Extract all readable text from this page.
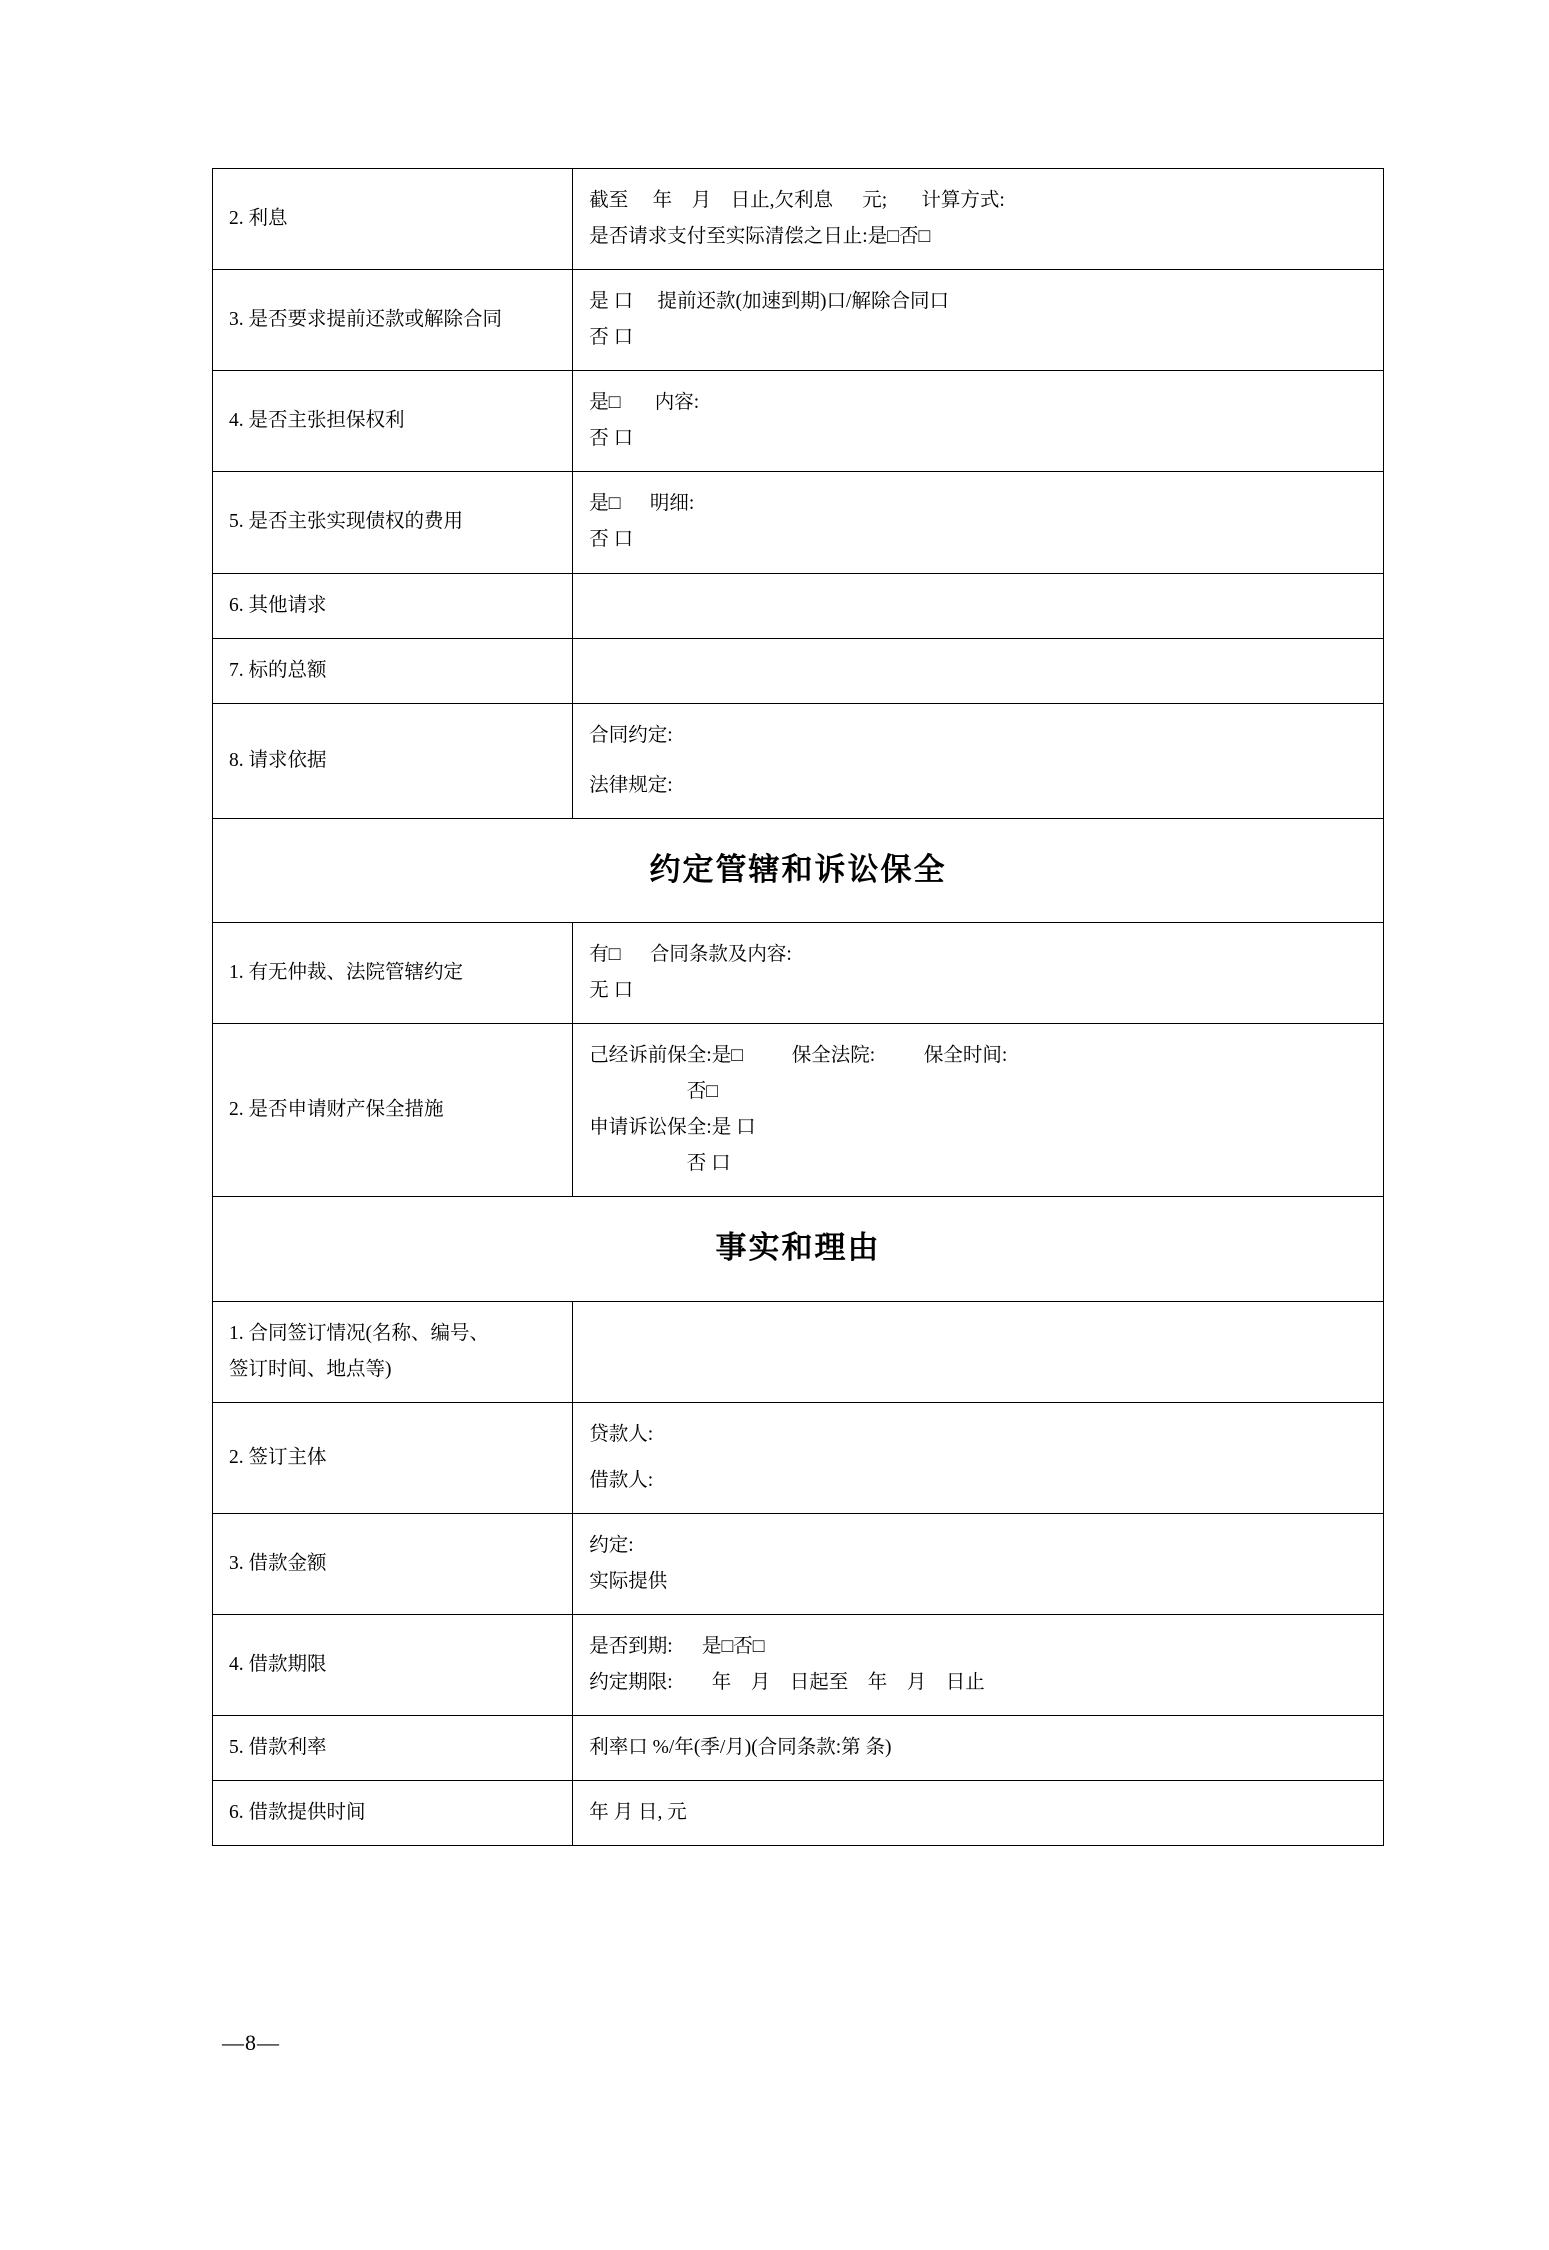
2. 利息	截至     年    月    日止,欠利息      元;       计算方式:
是否请求支付至实际清偿之日止:是□否□

3. 是否要求提前还款或解除合同	是 口     提前还款(加速到期)口/解除合同口
否 口

4. 是否主张担保权利	是□       内容:
否 口

5. 是否主张实现债权的费用	是□      明细:
否 口

6. 其他请求	
7. 标的总额	
8. 请求依据	合同约定:
法律规定:

约定管辖和诉讼保全	
1. 有无仲裁、法院管辖约定	有□      合同条款及内容:
无 口

2. 是否申请财产保全措施	己经诉前保全:是□          保全法院:          保全时间:
否□
申请诉讼保全:是 口
否 口

事实和理由	

1. 合同签订情况(名称、编号、
签订时间、地点等)	

2. 签订主体	贷款人:
借款人:

3. 借款金额	约定:
实际提供

4. 借款期限	是否到期:      是□否□
约定期限:        年    月    日起至    年    月    日止

5. 借款利率	利率口 %/年(季/月)(合同条款:第 条)
6. 借款提供时间	年 月 日, 元
—8—
